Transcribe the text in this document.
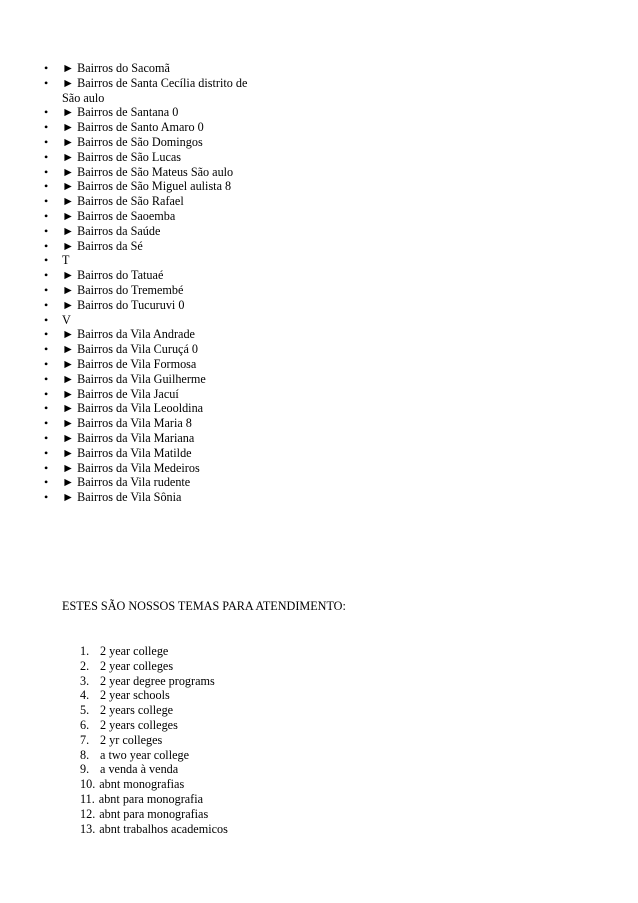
• ► Bairros do Sacomã
• ► Bairros de Santa Cecília distrito de São aulo
• ► Bairros de Santana 0
• ► Bairros de Santo Amaro 0
• ► Bairros de São Domingos
• ► Bairros de São Lucas
• ► Bairros de São Mateus São aulo
• ► Bairros de São Miguel aulista 8
• ► Bairros de São Rafael
• ► Bairros de Saoemba
• ► Bairros da Saúde
• ► Bairros da Sé
• T
• ► Bairros do Tatuaé
• ► Bairros do Tremembé
• ► Bairros do Tucuruvi 0
• V
• ► Bairros da Vila Andrade
• ► Bairros da Vila Curuçá 0
• ► Bairros de Vila Formosa
• ► Bairros da Vila Guilherme
• ► Bairros de Vila Jacuí
• ► Bairros da Vila Leooldina
• ► Bairros da Vila Maria 8
• ► Bairros da Vila Mariana
• ► Bairros da Vila Matilde
• ► Bairros da Vila Medeiros
• ► Bairros da Vila rudente
• ► Bairros de Vila Sônia
ESTES SÃO NOSSOS TEMAS PARA ATENDIMENTO:
1. 2 year college
2. 2 year colleges
3. 2 year degree programs
4. 2 year schools
5. 2 years college
6. 2 years colleges
7. 2 yr colleges
8. a two year college
9. a venda à venda
10. abnt monografias
11. abnt para monografia
12. abnt para monografias
13. abnt trabalhos academicos
